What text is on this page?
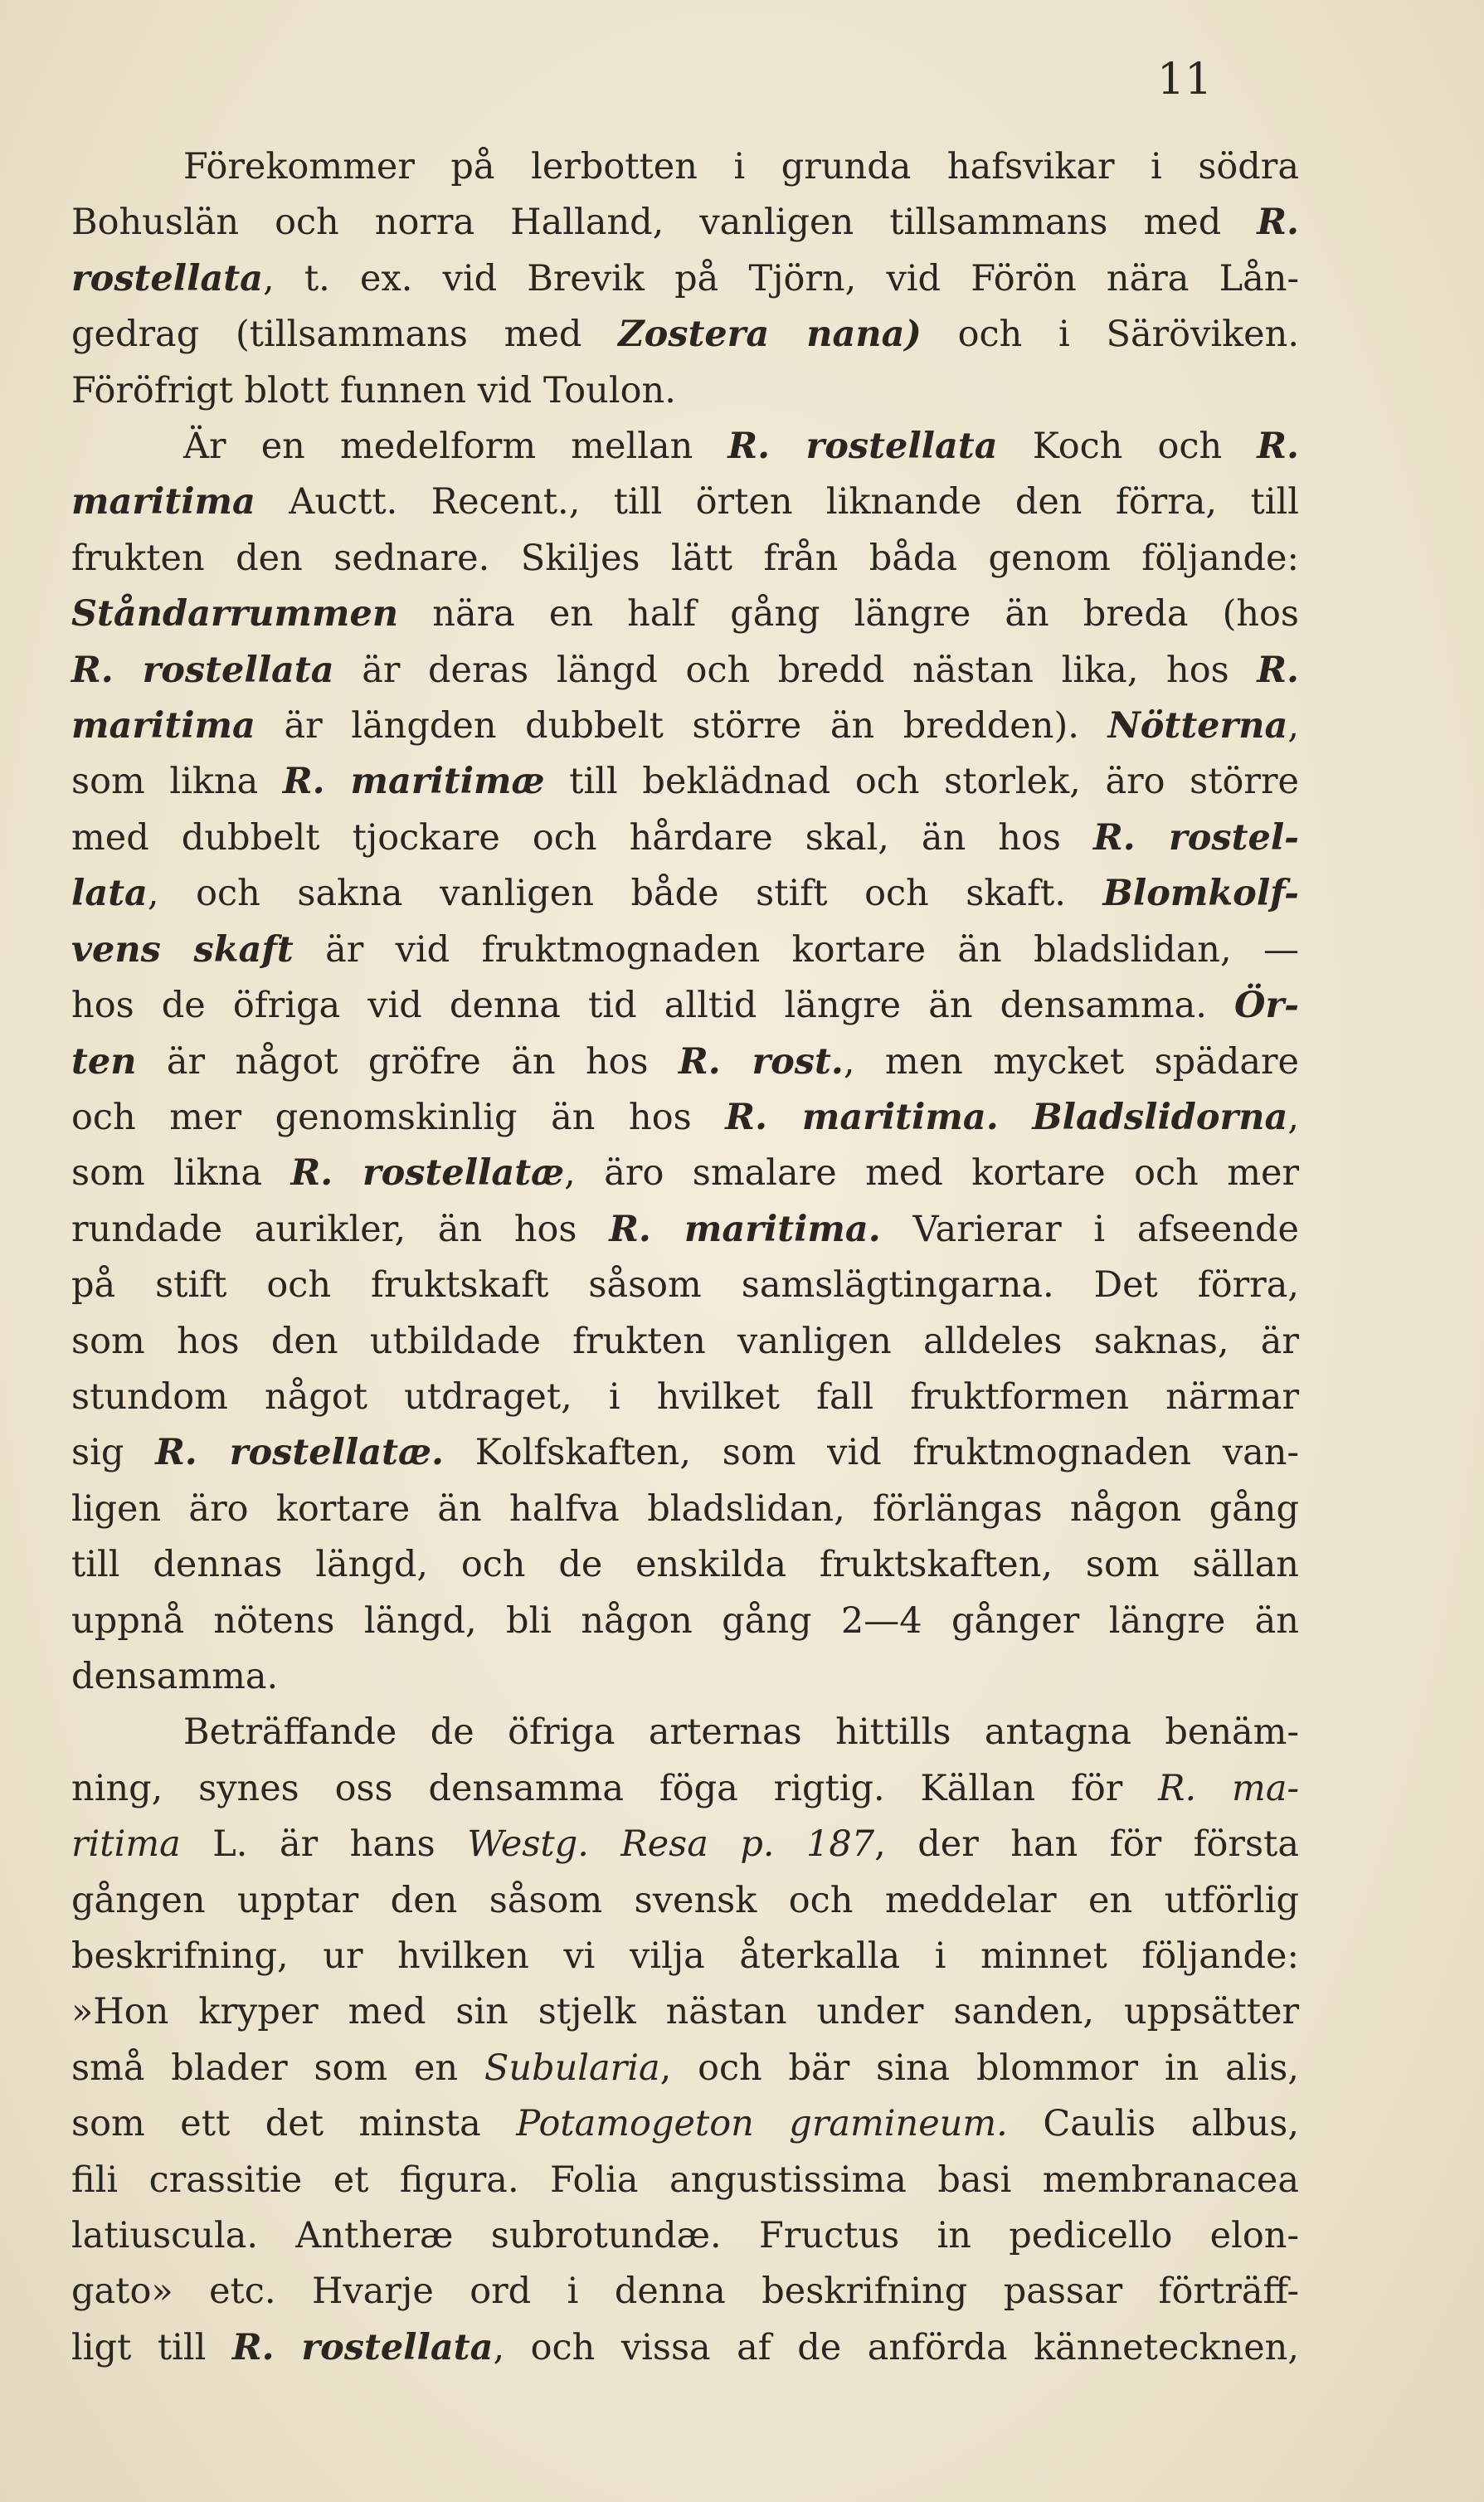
11

Förekommer på lerbotten i grunda hafsvikar i södra

Bohuslän och norra Halland, vanligen tillsammans med R.

rostellata, t. ex. vid Brevik på Tjörn, vid Förön nära Lån-

gedrag (tillsammans med Zostera nana) och i Säröviken.

Föröfrigt blott funnen vid Toulon.

Är en medelform mellan R. rostellata Koch och R.

maritima Auctt. Recent., till örten liknande den förra, till

frukten den sednare. Skiljes lätt från båda genom följande:

Ståndarrummen nära en half gång längre än breda (hos

R. rostellata är deras längd och bredd nästan lika, hos R.

maritima är längden dubbelt större än bredden). Nötterna,

som likna R. maritimæ till beklädnad och storlek, äro större

med dubbelt tjockare och hårdare skal, än hos R. rostel-

lata, och sakna vanligen både stift och skaft. Blomkolf-

vens skaft är vid fruktmognaden kortare än bladslidan, —

hos de öfriga vid denna tid alltid längre än densamma. Ör-

ten är något gröfre än hos R. rost., men mycket spädare

och mer genomskinlig än hos R. maritima. Bladslidorna,

som likna R. rostellatæ, äro smalare med kortare och mer

rundade aurikler, än hos R. maritima. Varierar i afseende

på stift och fruktskaft såsom samslägtingarna. Det förra,

som hos den utbildade frukten vanligen alldeles saknas, är

stundom något utdraget, i hvilket fall fruktformen närmar

sig R. rostellatæ. Kolfskaften, som vid fruktmognaden van-

ligen äro kortare än halfva bladslidan, förlängas någon gång

till dennas längd, och de enskilda fruktskaften, som sällan

uppnå nötens längd, bli någon gång 2—4 gånger längre än

densamma.

Beträffande de öfriga arternas hittills antagna benäm-

ning, synes oss densamma föga rigtig. Källan för R. ma-

ritima L. är hans Westg. Resa p. 187, der han för första

gången upptar den såsom svensk och meddelar en utförlig

beskrifning, ur hvilken vi vilja återkalla i minnet följande:

»Hon kryper med sin stjelk nästan under sanden, uppsätter

små blader som en Subularia, och bär sina blommor in alis,

som ett det minsta Potamogeton gramineum. Caulis albus,

fili crassitie et figura. Folia angustissima basi membranacea

latiuscula. Antheræ subrotundæ. Fructus in pedicello elon-

gato» etc. Hvarje ord i denna beskrifning passar förträff-

ligt till R. rostellata, och vissa af de anförda kännetecknen,
